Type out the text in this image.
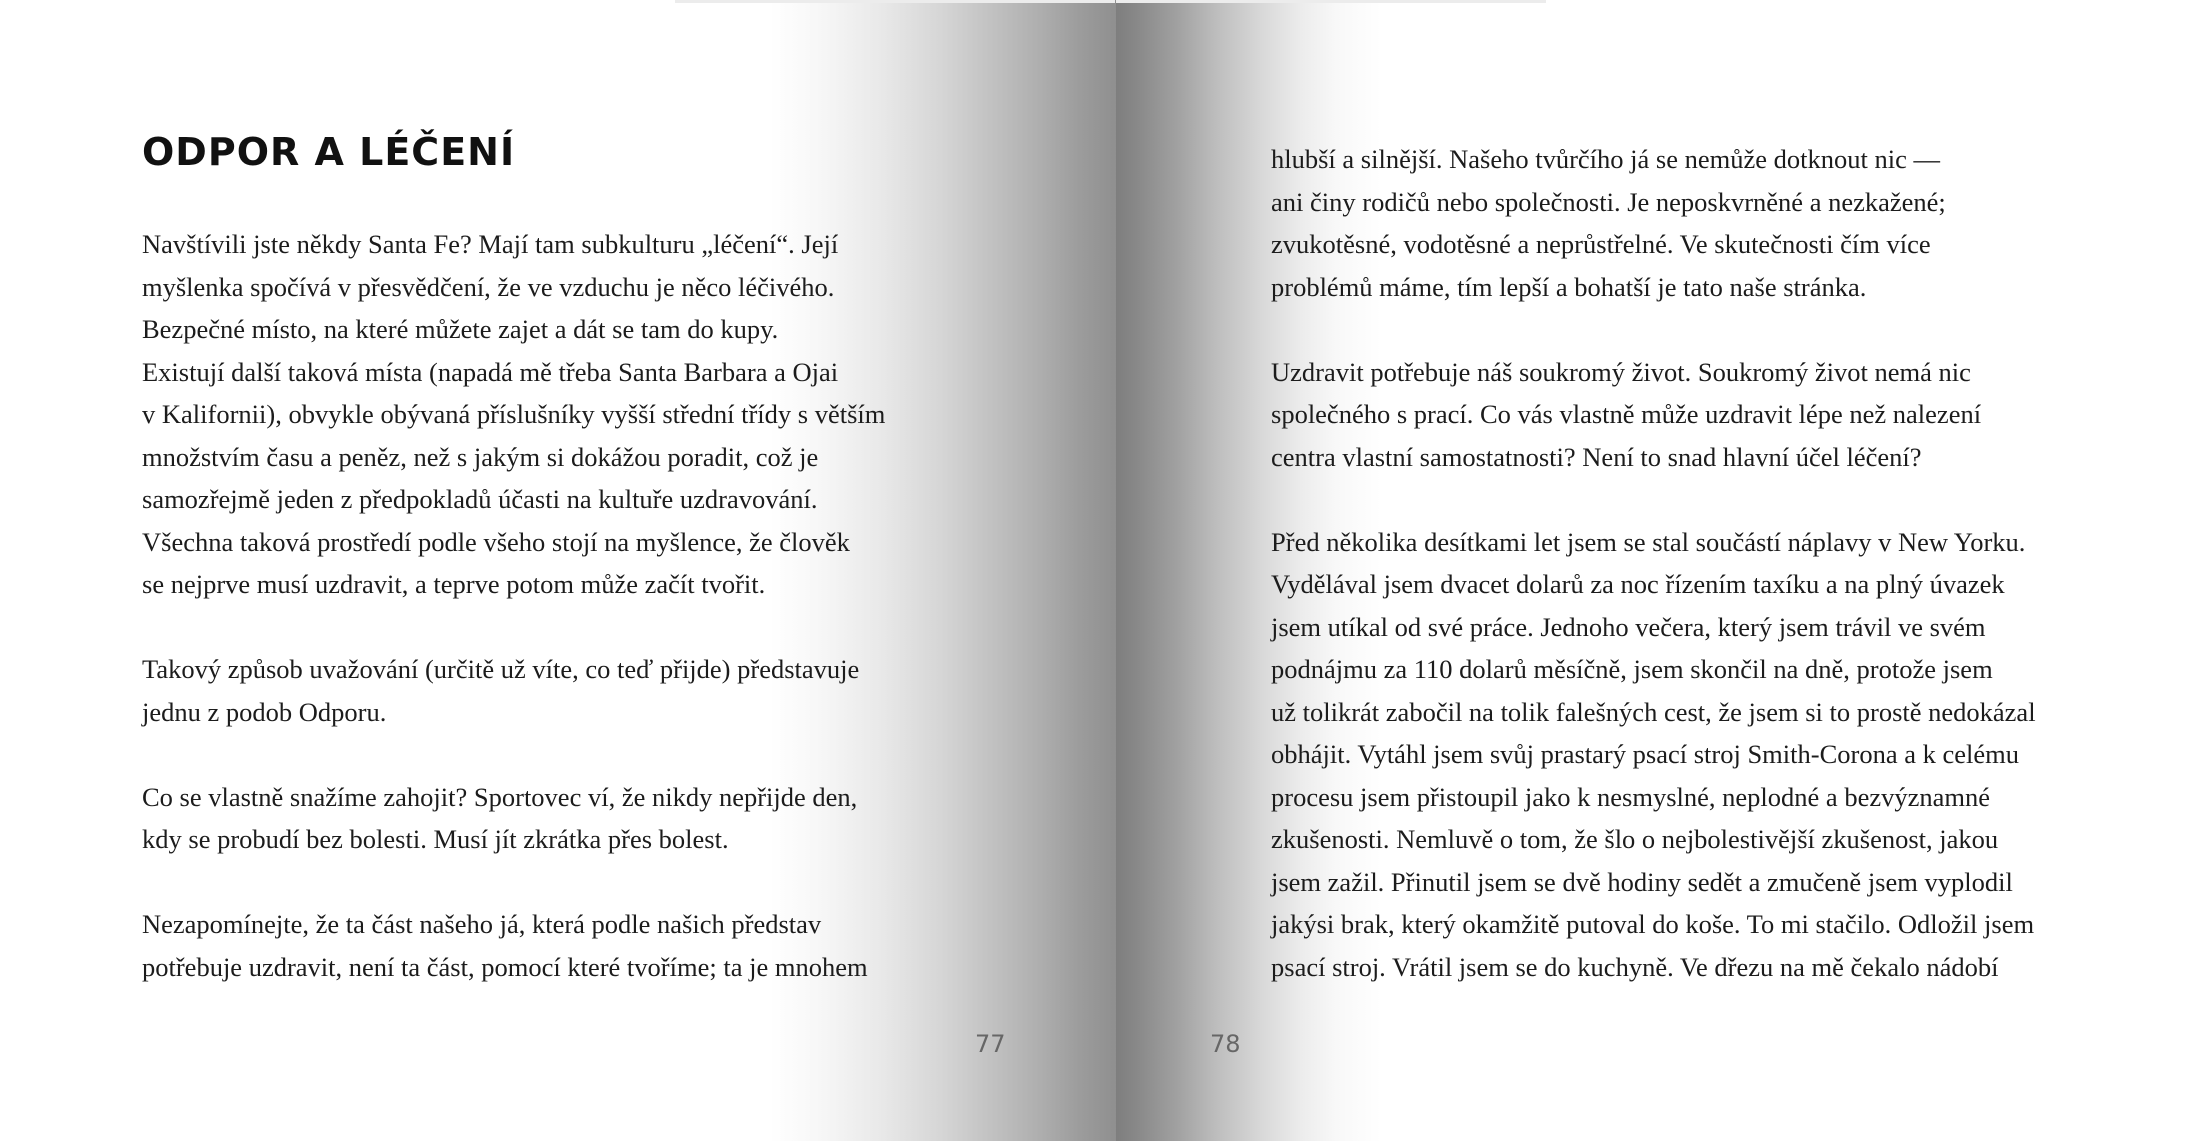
ODPOR A LÉČENÍ

Navštívili jste někdy Santa Fe? Mají tam subkulturu „léčení“. Její
myšlenka spočívá v přesvědčení, že ve vzduchu je něco léčivého.
Bezpečné místo, na které můžete zajet a dát se tam do kupy.
Existují další taková místa (napadá mě třeba Santa Barbara a Ojai
v Kalifornii), obvykle obývaná příslušníky vyšší střední třídy s větším
množstvím času a peněz, než s jakým si dokážou poradit, což je
samozřejmě jeden z předpokladů účasti na kultuře uzdravování.
Všechna taková prostředí podle všeho stojí na myšlence, že člověk
se nejprve musí uzdravit, a teprve potom může začít tvořit.

Takový způsob uvažování (určitě už víte, co teď přijde) představuje
jednu z podob Odporu.

Co se vlastně snažíme zahojit? Sportovec ví, že nikdy nepřijde den,
kdy se probudí bez bolesti. Musí jít zkrátka přes bolest.

Nezapomínejte, že ta část našeho já, která podle našich představ
potřebuje uzdravit, není ta část, pomocí které tvoříme; ta je mnohem

77	78

hlubší a silnější. Našeho tvůrčího já se nemůže dotknout nic —
ani činy rodičů nebo společnosti. Je neposkvrněné a nezkažené;
zvukotěsné, vodotěsné a neprůstřelné. Ve skutečnosti čím více
problémů máme, tím lepší a bohatší je tato naše stránka.

Uzdravit potřebuje náš soukromý život. Soukromý život nemá nic
společného s prací. Co vás vlastně může uzdravit lépe než nalezení
centra vlastní samostatnosti? Není to snad hlavní účel léčení?

Před několika desítkami let jsem se stal součástí náplavy v New Yorku.
Vydělával jsem dvacet dolarů za noc řízením taxíku a na plný úvazek
jsem utíkal od své práce. Jednoho večera, který jsem trávil ve svém
podnájmu za 110 dolarů měsíčně, jsem skončil na dně, protože jsem
už tolikrát zabočil na tolik falešných cest, že jsem si to prostě nedokázal
obhájit. Vytáhl jsem svůj prastarý psací stroj Smith-Corona a k celému
procesu jsem přistoupil jako k nesmyslné, neplodné a bezvýznamné
zkušenosti. Nemluvě o tom, že šlo o nejbolestivější zkušenost, jakou
jsem zažil. Přinutil jsem se dvě hodiny sedět a zmučeně jsem vyplodil
jakýsi brak, který okamžitě putoval do koše. To mi stačilo. Odložil jsem
psací stroj. Vrátil jsem se do kuchyně. Ve dřezu na mě čekalo nádobí
